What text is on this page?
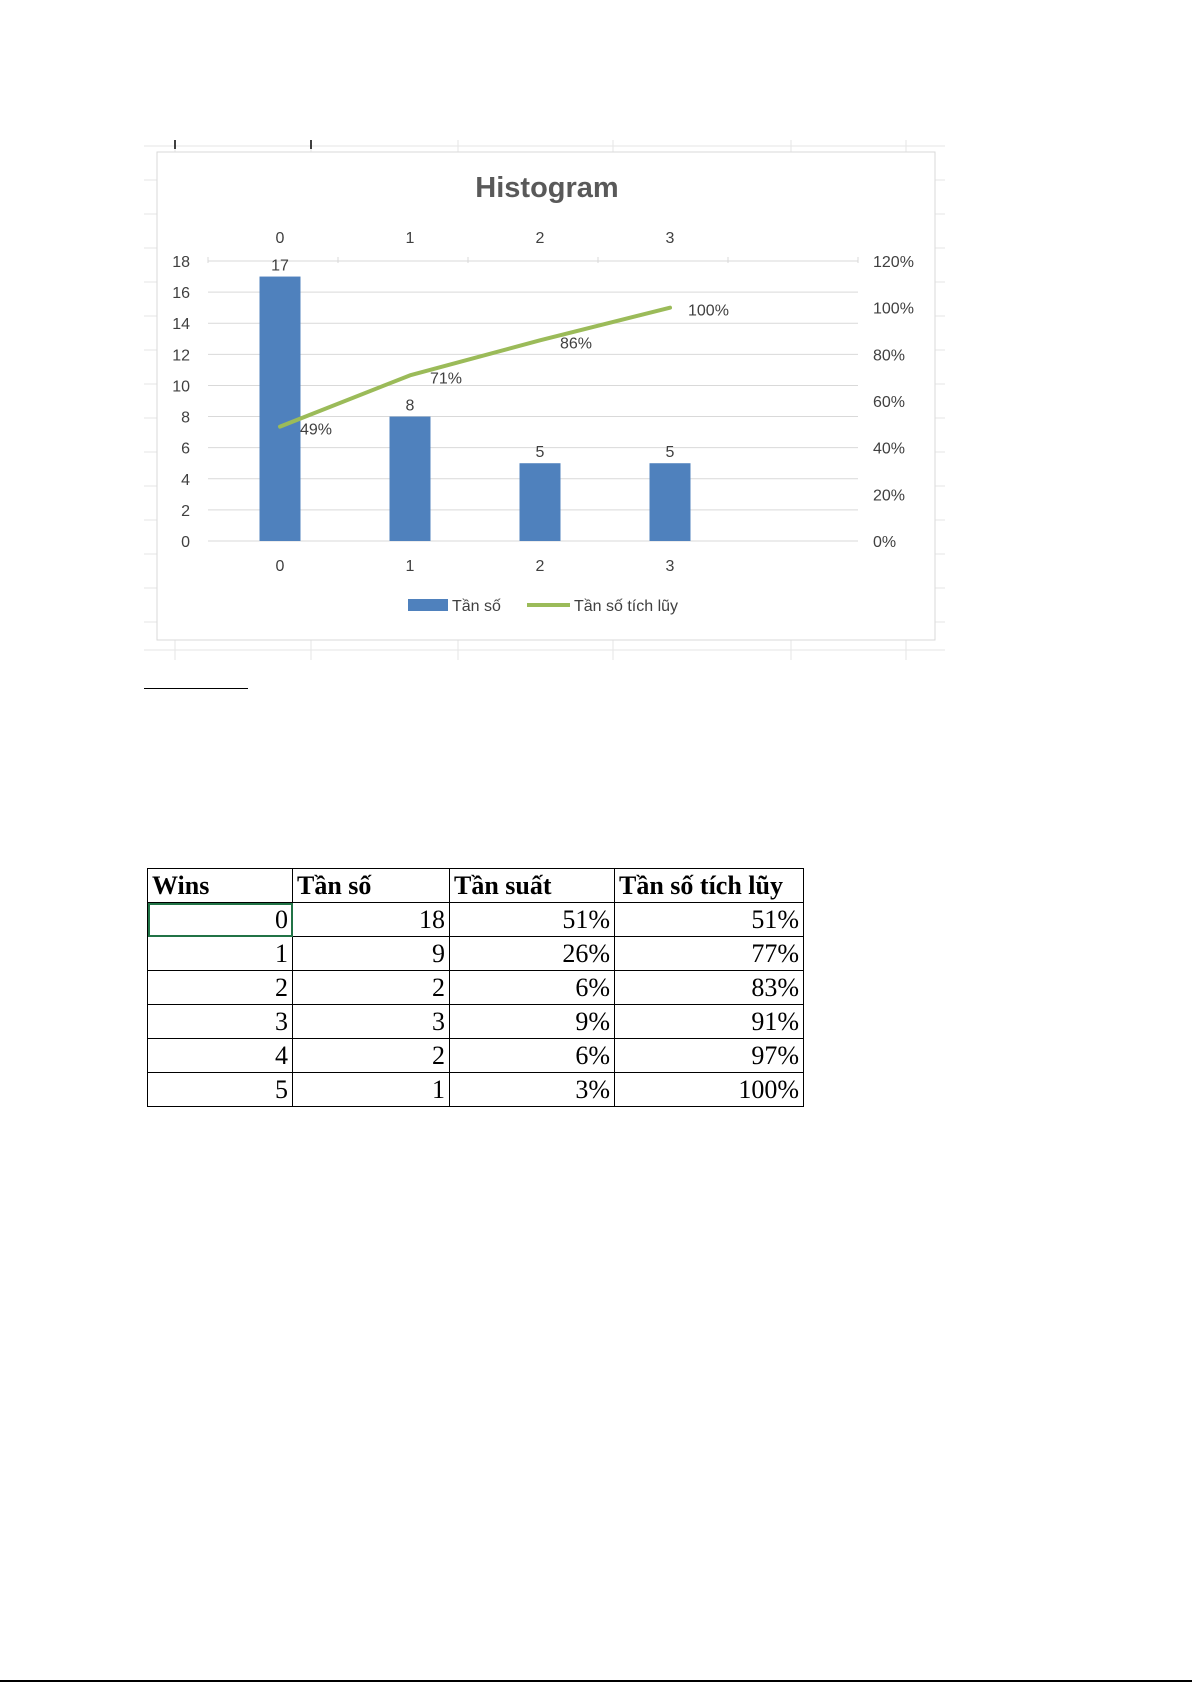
Histogram
17
8
5	5
49%
71%
86%
100%
0
2
4
6
8
10
12
14
16
18
0%
20%
40%
60%
80%
100%
120%
0	1	2	3
0	1	2	3
Tần số	Tần số tích lũy
Wins	Tần số	Tần suất	Tần số tích lũy
0	18	51%	51%
1	9	26%	77%
2	2	6%	83%
3	3	9%	91%
4	2	6%	97%
5	1	3%	100%
